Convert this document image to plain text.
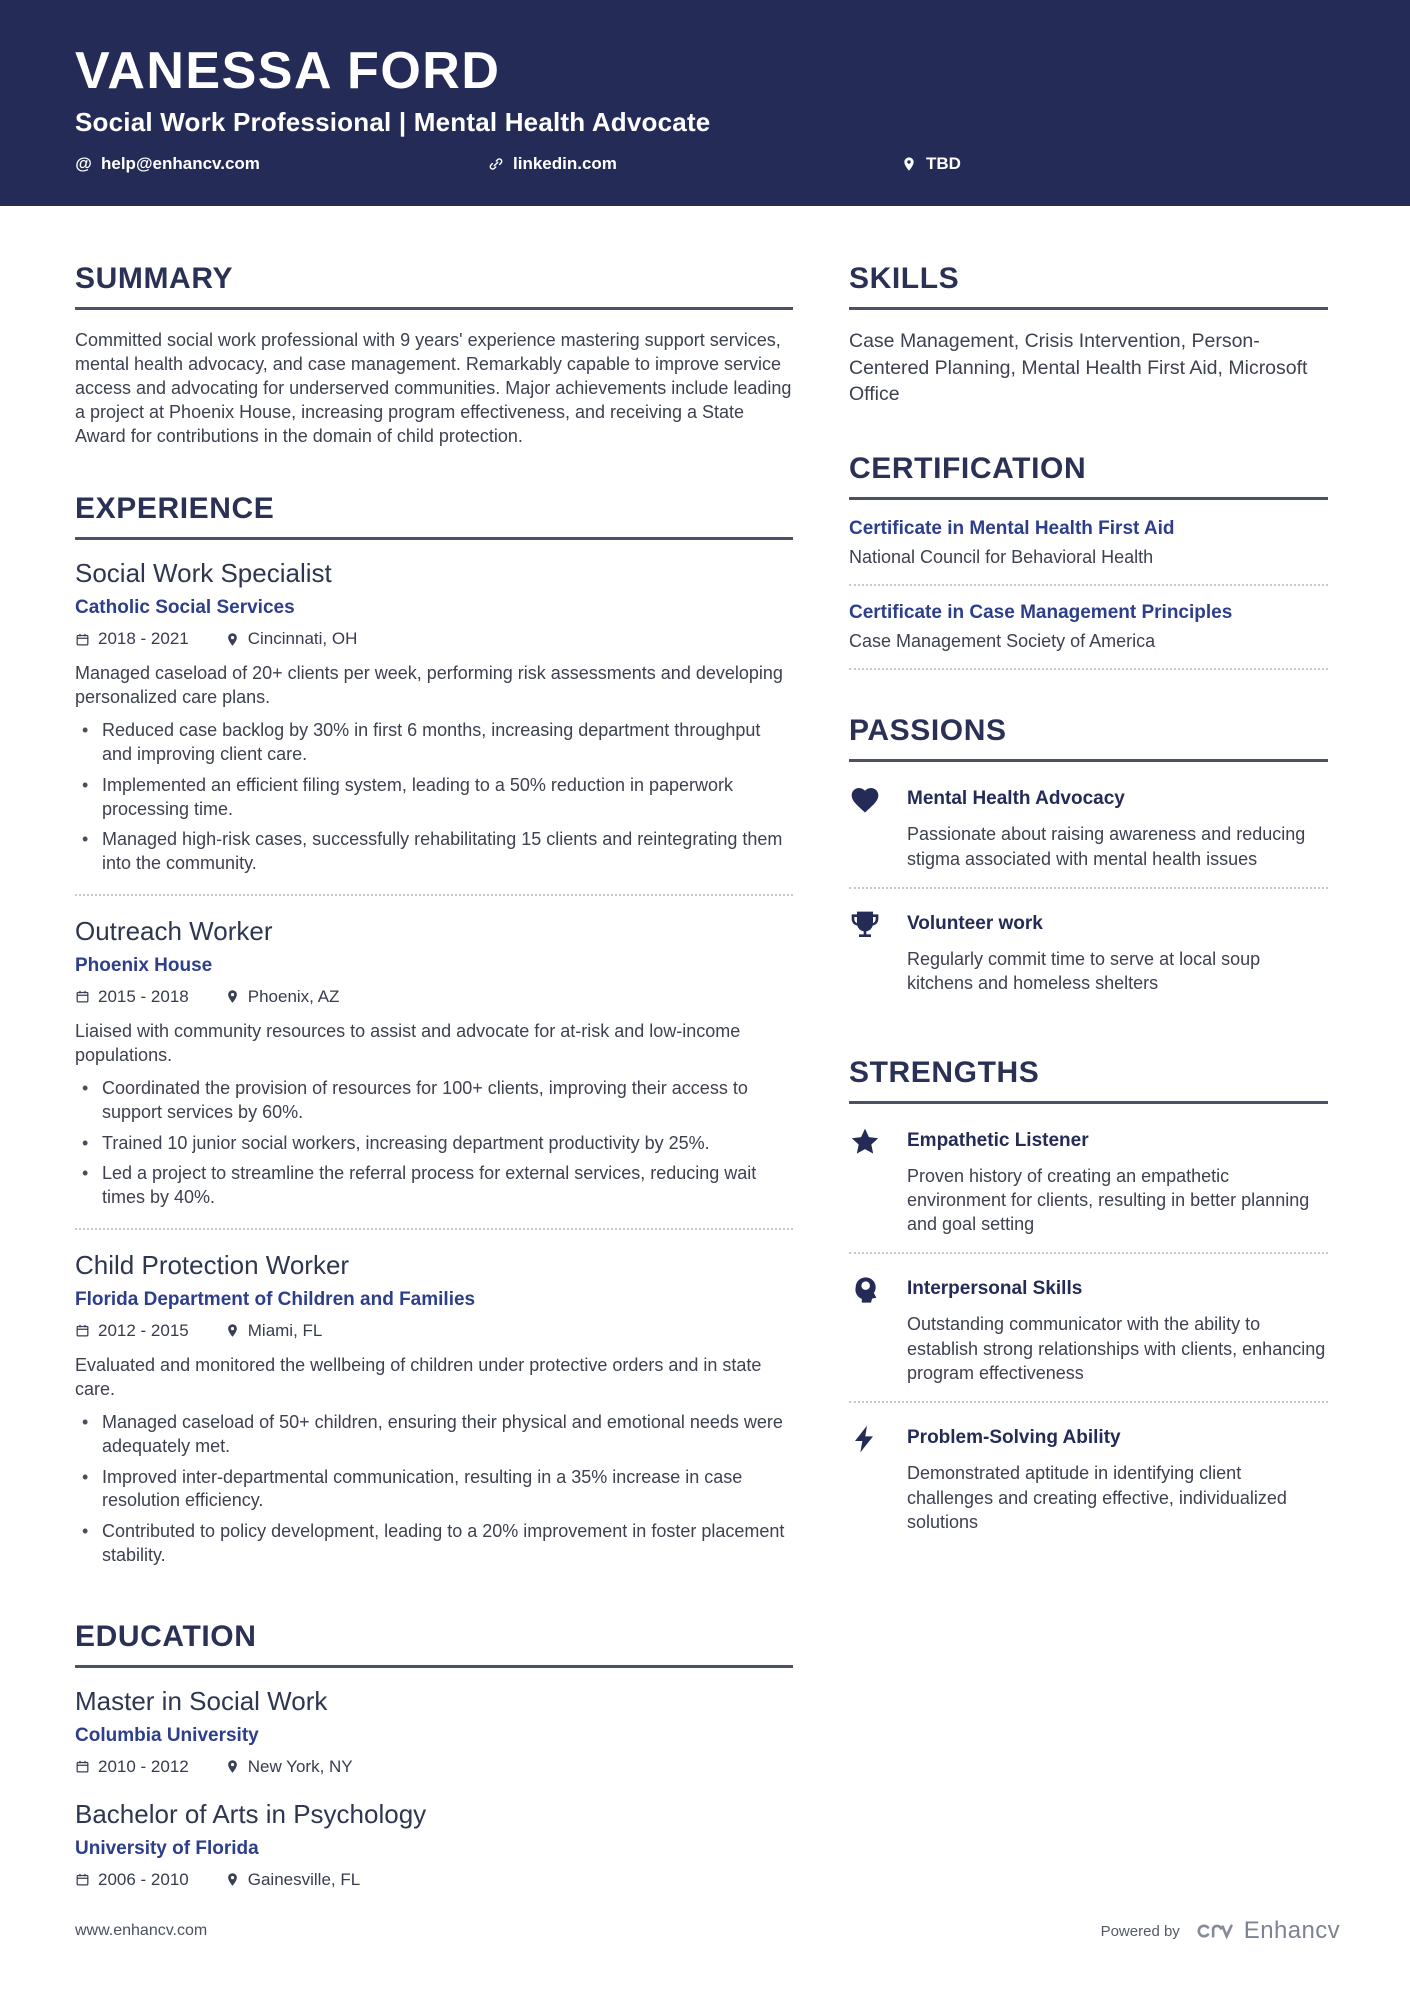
VANESSA FORD
Social Work Professional | Mental Health Advocate
@ help@enhancv.com	linkedin.com	TBD
SUMMARY

Committed social work professional with 9 years' experience mastering support services, mental health advocacy, and case management. Remarkably capable to improve service access and advocating for underserved communities. Major achievements include leading a project at Phoenix House, increasing program effectiveness, and receiving a State Award for contributions in the domain of child protection.

EXPERIENCE
Social Work Specialist
Catholic Social Services
2018 - 2021	Cincinnati, OH

Managed caseload of 20+ clients per week, performing risk assessments and developing personalized care plans.

• Reduced case backlog by 30% in first 6 months, increasing department throughput and improving client care.
• Implemented an efficient filing system, leading to a 50% reduction in paperwork processing time.
• Managed high-risk cases, successfully rehabilitating 15 clients and reintegrating them into the community.
Outreach Worker
Phoenix House
2015 - 2018	Phoenix, AZ

Liaised with community resources to assist and advocate for at-risk and low-income populations.

• Coordinated the provision of resources for 100+ clients, improving their access to support services by 60%.
• Trained 10 junior social workers, increasing department productivity by 25%.
• Led a project to streamline the referral process for external services, reducing wait times by 40%.
Child Protection Worker
Florida Department of Children and Families
2012 - 2015	Miami, FL

Evaluated and monitored the wellbeing of children under protective orders and in state care.

• Managed caseload of 50+ children, ensuring their physical and emotional needs were adequately met.
• Improved inter-departmental communication, resulting in a 35% increase in case resolution efficiency.
• Contributed to policy development, leading to a 20% improvement in foster placement stability.
EDUCATION
Master in Social Work
Columbia University
2010 - 2012	New York, NY
Bachelor of Arts in Psychology
University of Florida
2006 - 2010	Gainesville, FL
SKILLS

Case Management, Crisis Intervention, Person-Centered Planning, Mental Health First Aid, Microsoft Office

CERTIFICATION
Certificate in Mental Health First Aid
National Council for Behavioral Health
Certificate in Case Management Principles
Case Management Society of America
PASSIONS
Mental Health Advocacy
Passionate about raising awareness and reducing stigma associated with mental health issues
Volunteer work
Regularly commit time to serve at local soup kitchens and homeless shelters
STRENGTHS
Empathetic Listener
Proven history of creating an empathetic environment for clients, resulting in better planning and goal setting
Interpersonal Skills
Outstanding communicator with the ability to establish strong relationships with clients, enhancing program effectiveness
Problem-Solving Ability
Demonstrated aptitude in identifying client challenges and creating effective, individualized solutions
www.enhancv.com	Powered by	Enhancv
